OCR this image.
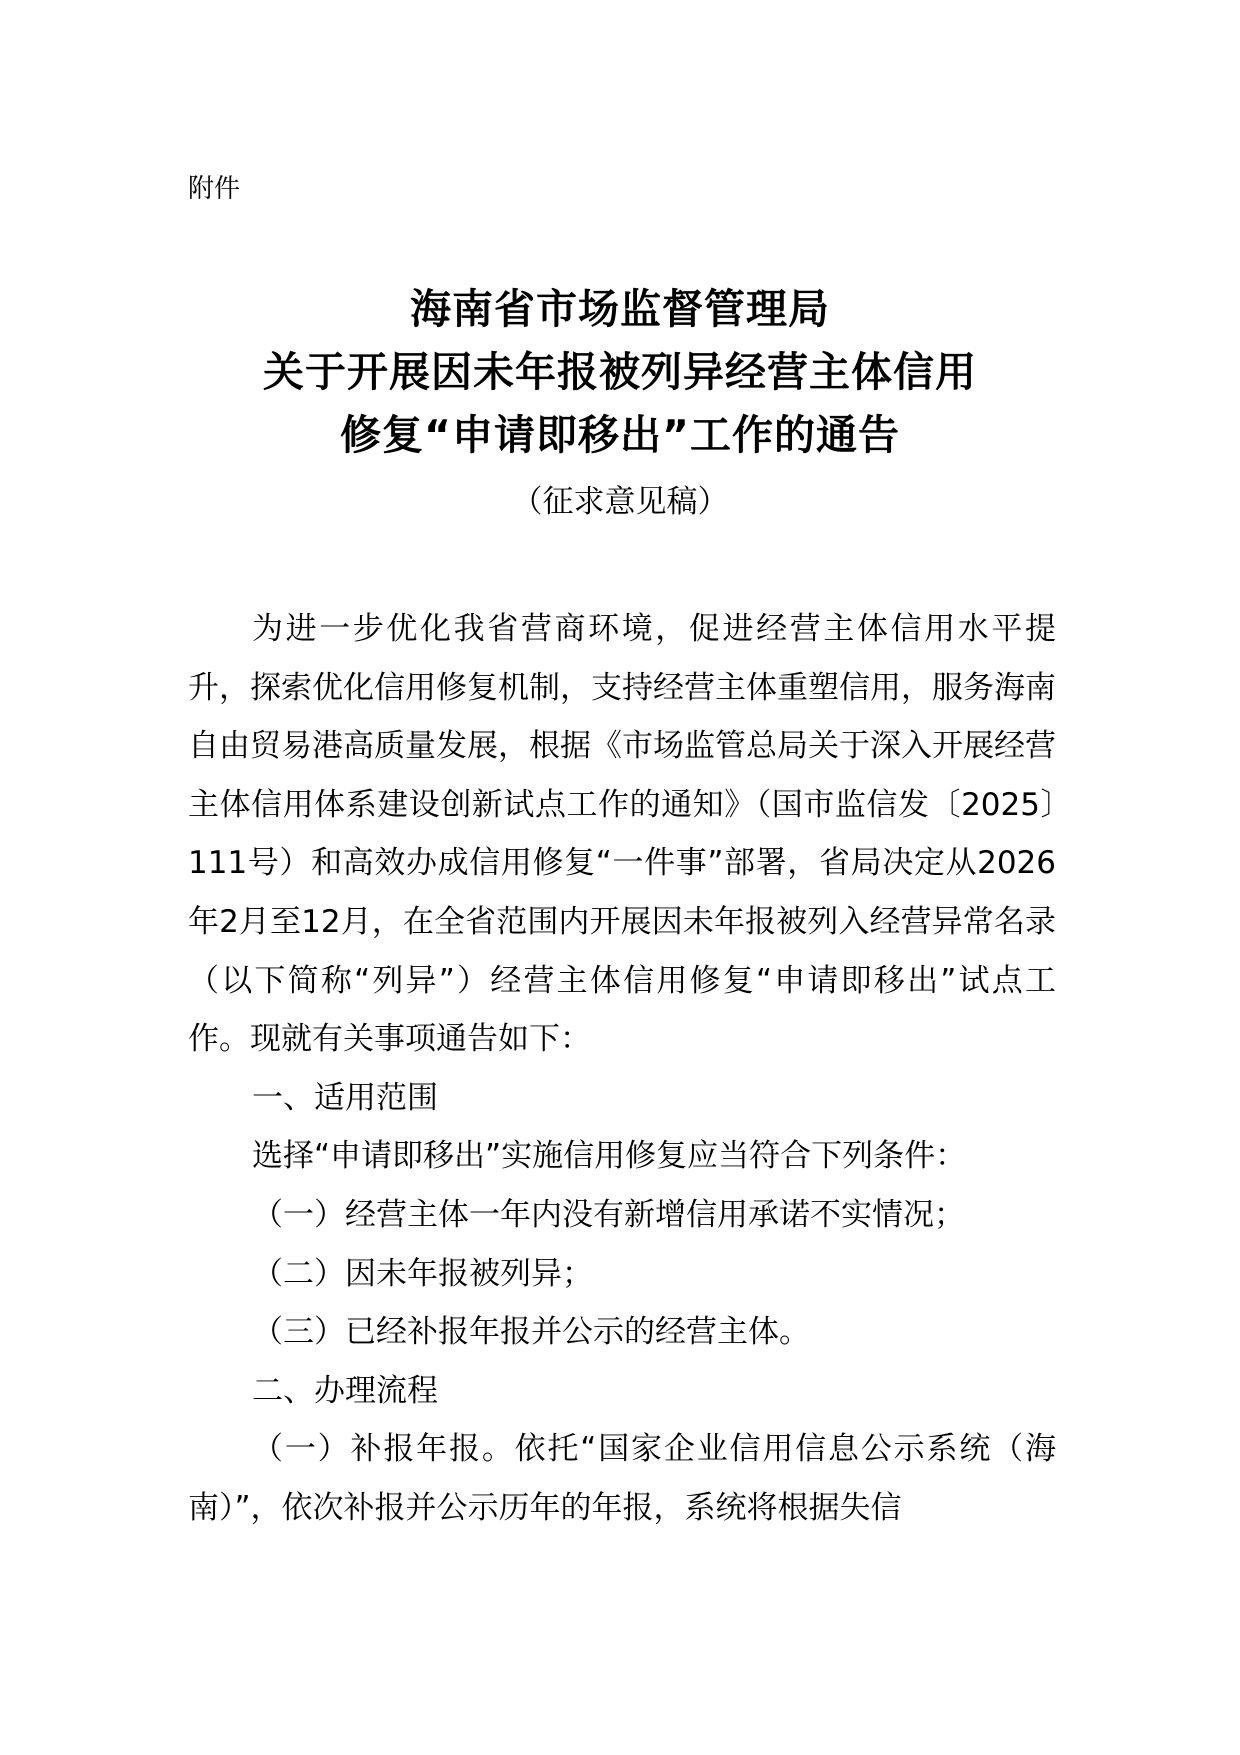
附件
海南省市场监督管理局
关于开展因未年报被列异经营主体信用
修复“申请即移出”工作的通告
（征求意见稿）

为进一步优化我省营商环境，促进经营主体信用水平提升，探索优化信用修复机制，支持经营主体重塑信用，服务海南自由贸易港高质量发展，根据《市场监管总局关于深入开展经营主体信用体系建设创新试点工作的通知》（国市监信发〔2025〕111号）和高效办成信用修复“一件事”部署，省局决定从2026年2月至12月，在全省范围内开展因未年报被列入经营异常名录（以下简称“列异”）经营主体信用修复“申请即移出”试点工作。现就有关事项通告如下：

一、适用范围

选择“申请即移出”实施信用修复应当符合下列条件：

（一）经营主体一年内没有新增信用承诺不实情况；

（二）因未年报被列异；

（三）已经补报年报并公示的经营主体。

二、办理流程

（一）补报年报。依托“国家企业信用信息公示系统（海南）”，依次补报并公示历年的年报，系统将根据失信
